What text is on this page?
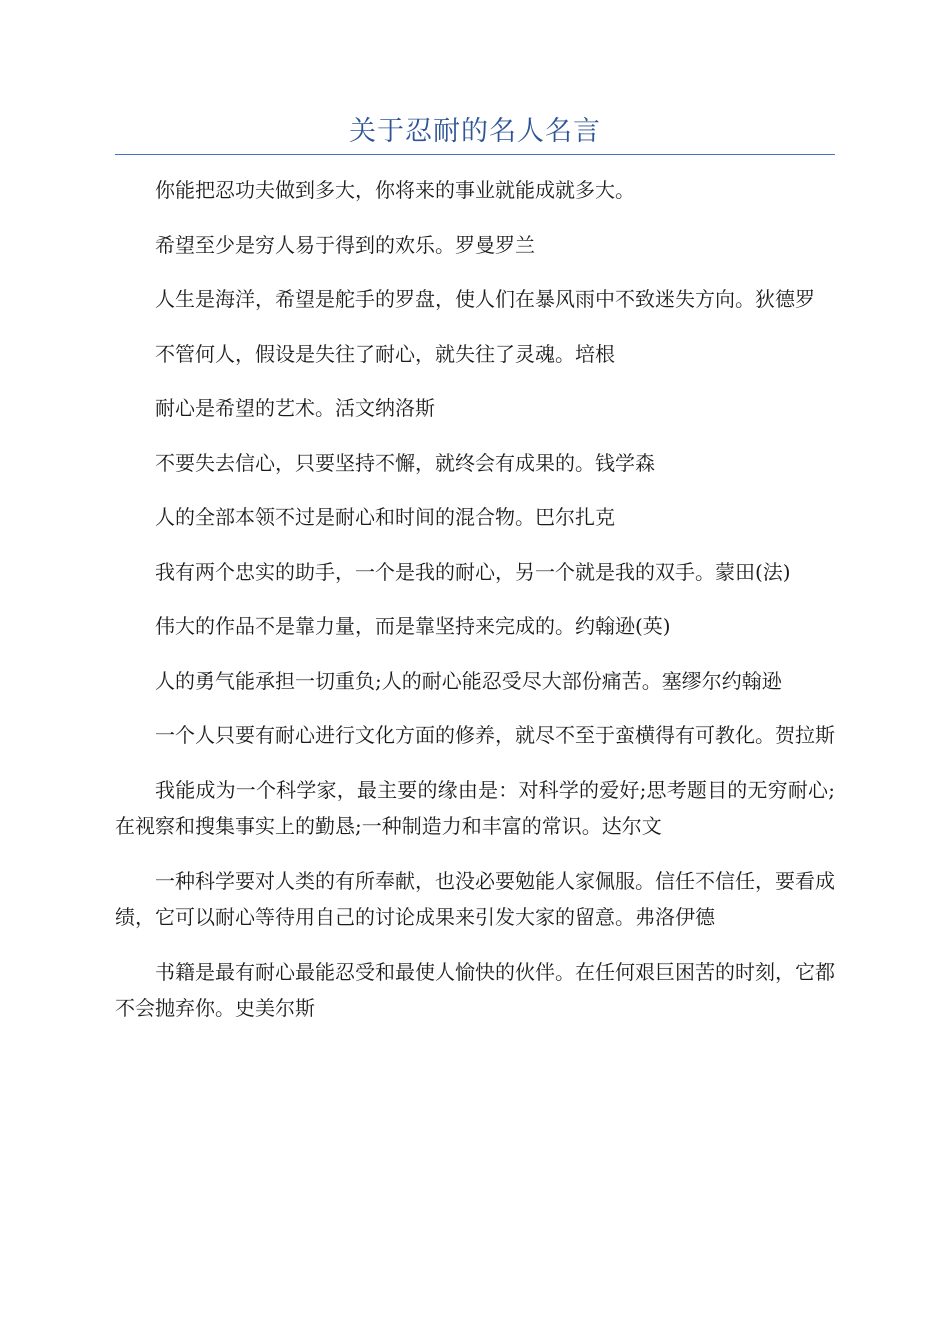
关于忍耐的名人名言

你能把忍功夫做到多大，你将来的事业就能成就多大。

希望至少是穷人易于得到的欢乐。罗曼罗兰

人生是海洋，希望是舵手的罗盘，使人们在暴风雨中不致迷失方向。狄德罗

不管何人，假设是失往了耐心，就失往了灵魂。培根

耐心是希望的艺术。活文纳洛斯

不要失去信心，只要坚持不懈，就终会有成果的。钱学森

人的全部本领不过是耐心和时间的混合物。巴尔扎克

我有两个忠实的助手，一个是我的耐心，另一个就是我的双手。蒙田(法)

伟大的作品不是靠力量，而是靠坚持来完成的。约翰逊(英)

人的勇气能承担一切重负;人的耐心能忍受尽大部份痛苦。塞缪尔约翰逊

一个人只要有耐心进行文化方面的修养，就尽不至于蛮横得有可教化。贺拉斯

我能成为一个科学家，最主要的缘由是：对科学的爱好;思考题目的无穷耐心;在视察和搜集事实上的勤恳;一种制造力和丰富的常识。达尔文

一种科学要对人类的有所奉献，也没必要勉能人家佩服。信任不信任，要看成绩，它可以耐心等待用自己的讨论成果来引发大家的留意。弗洛伊德

书籍是最有耐心最能忍受和最使人愉快的伙伴。在任何艰巨困苦的时刻，它都不会抛弃你。史美尔斯
